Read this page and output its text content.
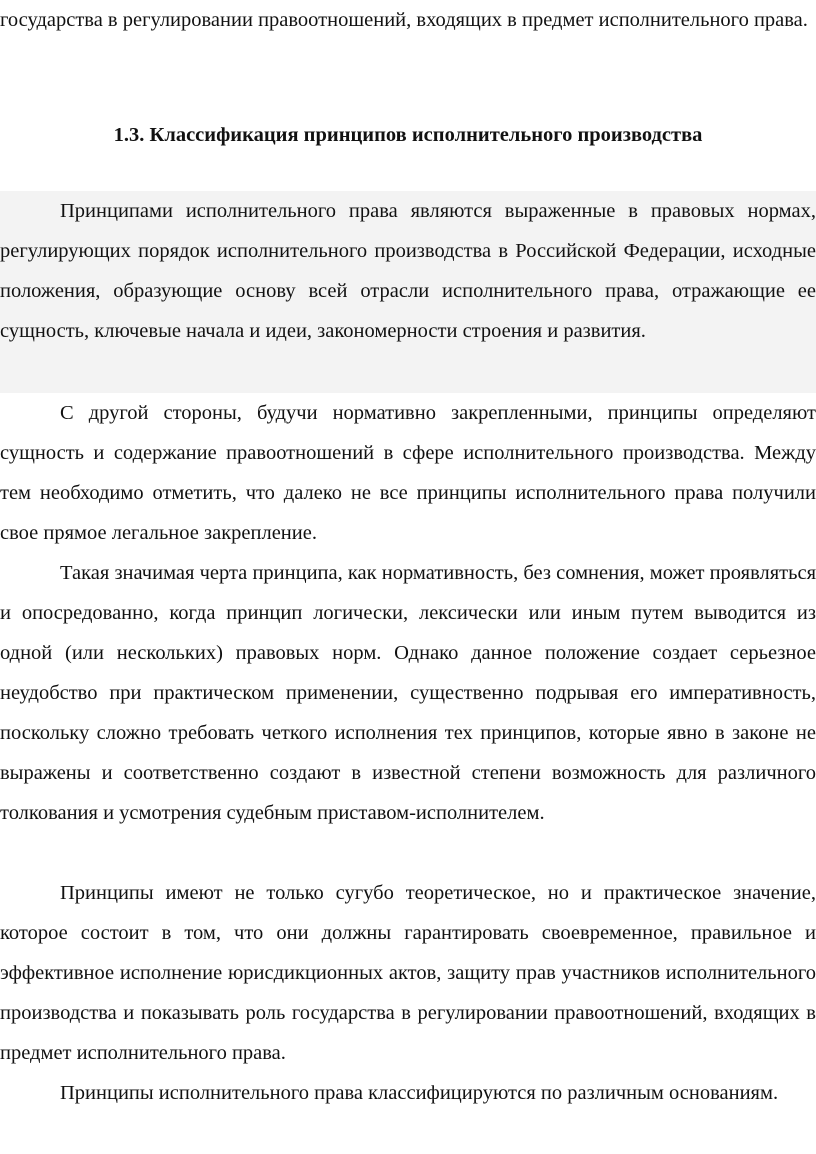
государства в регулировании правоотношений, входящих в предмет исполнительного права.

1.3. Классификация принципов исполнительного производства

Принципами исполнительного права являются выраженные в правовых нормах, регулирующих порядок исполнительного производства в Российской Федерации, исходные положения, образующие основу всей отрасли исполнительного права, отражающие ее сущность, ключевые начала и идеи, закономерности строения и развития.

С другой стороны, будучи нормативно закрепленными, принципы определяют сущность и содержание правоотношений в сфере исполнительного производства. Между тем необходимо отметить, что далеко не все принципы исполнительного права получили свое прямое легальное закрепление.

Такая значимая черта принципа, как нормативность, без сомнения, может проявляться и опосредованно, когда принцип логически, лексически или иным путем выводится из одной (или нескольких) правовых норм. Однако данное положение создает серьезное неудобство при практическом применении, существенно подрывая его императивность, поскольку сложно требовать четкого исполнения тех принципов, которые явно в законе не выражены и соответственно создают в известной степени возможность для различного толкования и усмотрения судебным приставом-исполнителем.

Принципы имеют не только сугубо теоретическое, но и практическое значение, которое состоит в том, что они должны гарантировать своевременное, правильное и эффективное исполнение юрисдикционных актов, защиту прав участников исполнительного производства и показывать роль государства в регулировании правоотношений, входящих в предмет исполнительного права.

Принципы исполнительного права классифицируются по различным основаниям.
